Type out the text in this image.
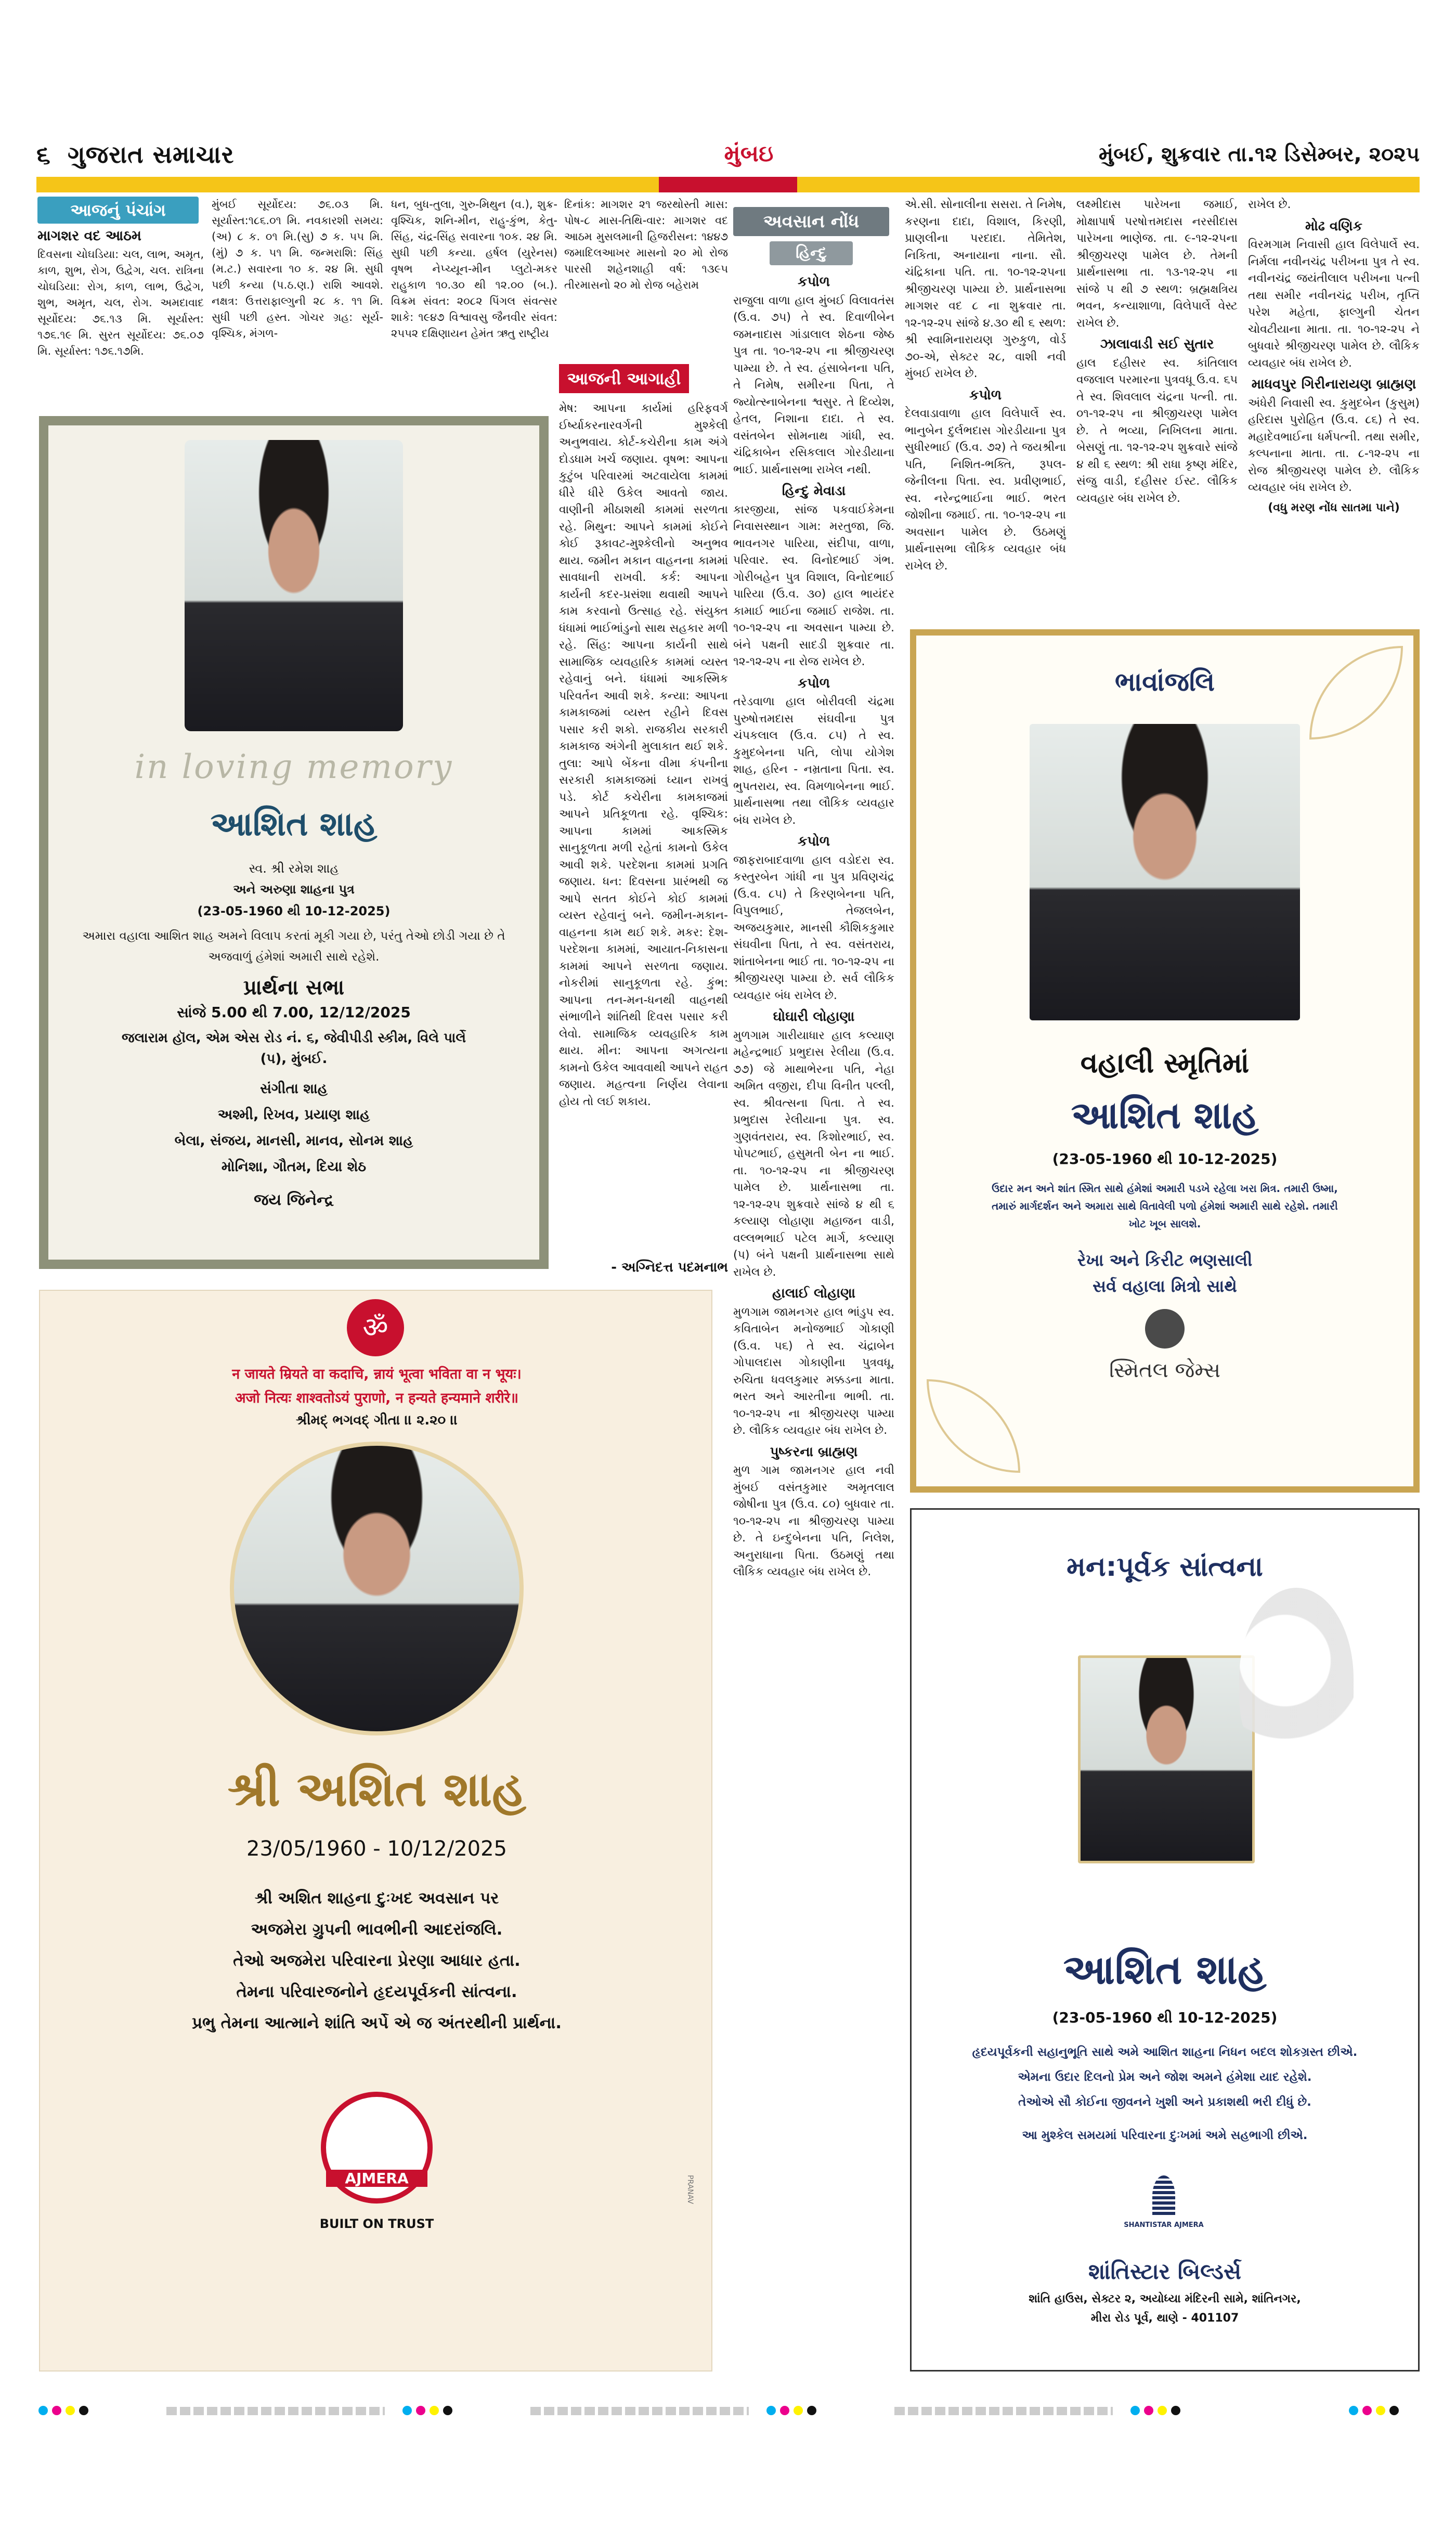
૬ ગુજરાત સમાચાર	મુંબઇ	મુંબઈ, શુક્રવાર તા.૧૨ ડિસેમ્બર, ૨૦૨૫
આજનું પંચાંગ
માગશર વદ આઠમ
દિવસના ચોઘડિયા: ચલ, લાભ, અમૃત, કાળ, શુભ, રોગ, ઉદ્વેગ, ચલ. રાત્રિના ચોઘડિયા: રોગ, કાળ, લાભ, ઉદ્વેગ, શુભ, અમૃત, ચલ, રોગ. અમદાવાદ સૂર્યોદય: ૭૬.૧૩ મિ. સૂર્યાસ્ત: ૧૭૬.૧૯ મિ. સુરત સૂર્યોદય: ૭૬.૦૭ મિ. સૂર્યાસ્ત: ૧૭૬.૧૭મિ.
મુંબઈ સૂર્યોદય: ૭૬.૦૩ મિ. સૂર્યાસ્ત:૧૮૬.૦૧ મિ. નવકારશી સમય: (અ) ૮ ક. ૦૧ મિ.(સુ) ૭ ક. ૫૫ મિ. (મું) ૭ ક. ૫૧ મિ. જન્મરાશિ: સિંહ (મ.ટ.) સવારના ૧૦ ક. ૨૪ મિ. સુધી પછી કન્યા (પ.ઠ.ણ.) રાશિ આવશે. નક્ષત્ર: ઉત્તરાફાલ્ગુની ૨૮ ક. ૧૧ મિ. સુધી પછી હસ્ત. ગોચર ગ્રહ: સૂર્ય-વૃશ્ચિક, મંગળ-
ધન, બુધ-તુલા, ગુરુ-મિથુન (વ.), શુક્ર-વૃશ્ચિક, શનિ-મીન, રાહુ-કુંભ, કેતુ-સિંહ, ચંદ્ર-સિંહ સવારના ૧૦ક. ૨૪ મિ. સુધી પછી કન્યા. હર્ષલ (યુરેનસ) વૃષભ નેપ્ચ્યૂન-મીન પ્લુટો-મકર રાહુકાળ ૧૦.૩૦ થી ૧૨.૦૦ (બ.). વિક્રમ સંવત: ૨૦૮૨ પિંગલ સંવત્સર શાકે: ૧૯૪૭ વિશ્વાવસુ જૈનવીર સંવત: ૨૫૫૨ દક્ષિણાયન હેમંત ઋતુ રાષ્ટ્રીય
દિનાંક: માગશર ૨૧ જરથોસ્તી માસ: પોષ-૮ માસ-તિથિ-વાર: માગશર વદ આઠમ મુસલમાની હિજરીસન: ૧૪૪૭ જમાદિલઆખર માસનો ૨૦ મો રોજ પારસી શહેનશાહી વર્ષ: ૧૩૯૫ તીરમાસનો ૨૦ મો રોજ બહેરામ
આજની આગાહી
મેષ: આપના કાર્યમાં હરિફવર્ગ ઈર્ષ્યાકરનારવર્ગની મુશ્કેલી અનુભવાય. કોર્ટ-કચેરીના કામ અંગે દોડધામ ખર્ચ જણાય. વૃષભ: આપના કુટુંબ પરિવારમાં અટવાયેલા કામમાં ધીરે ધીરે ઉકેલ આવતો જાય. વાણીની મીઠાશથી કામમાં સરળતા રહે. મિથુન: આપને કામમાં કોઈને કોઈ રૂકાવટ-મુશ્કેલીનો અનુભવ થાય. જમીન મકાન વાહનના કામમાં સાવધાની રાખવી. કર્ક: આપના કાર્યની કદર-પ્રસંશા થવાથી આપને કામ કરવાનો ઉત્સાહ રહે. સંયુક્ત ધંધામાં ભાઈભાંડુનો સાથ સહકાર મળી રહે. સિંહ: આપના કાર્યની સાથે સામાજિક વ્યવહારિક કામમાં વ્યસ્ત રહેવાનું બને. ધંધામાં આકસ્મિક પરિવર્તન આવી શકે. કન્યા: આપના કામકાજમાં વ્યસ્ત રહીને દિવસ પસાર કરી શકો. રાજકીય સરકારી કામકાજ અંગેની મુલાકાત થઈ શકે. તુલા: આપે બેંકના વીમા કંપનીના સરકારી કામકાજમાં ધ્યાન રાખવું પડે. કોર્ટ કચેરીના કામકાજમાં આપને પ્રતિકૂળતા રહે. વૃશ્ચિક: આપના કામમાં આકસ્મિક સાનુકૂળતા મળી રહેતાં કામનો ઉકેલ આવી શકે. પરદેશના કામમાં પ્રગતિ જણાય. ધન: દિવસના પ્રારંભથી જ આપે સતત કોઈને કોઈ કામમાં વ્યસ્ત રહેવાનું બને. જમીન-મકાન-વાહનના કામ થઈ શકે. મકર: દેશ-પરદેશના કામમાં, આયાત-નિકાસના કામમાં આપને સરળતા જણાય. નોકરીમાં સાનુકૂળતા રહે. કુંભ: આપના તન-મન-ધનથી વાહનથી સંભાળીને શાંતિથી દિવસ પસાર કરી લેવો. સામાજિક વ્યવહારિક કામ થાય. મીન: આપના અગત્યના કામનો ઉકેલ આવવાથી આપને રાહત જણાય. મહત્વના નિર્ણય લેવાના હોય તો લઈ શકાય.
- અગ્નિદત્ત પદમનાભ
અવસાન નોંધ
હિન્દુ
કપોળ

રાજુલા વાળા હાલ મુંબઈ વિલાવતંસ (ઉ.વ. ૭૫) તે સ્વ. દિવાળીબેન જમનાદાસ ગાંડાલાલ શેઠના જેષ્ઠ પુત્ર તા. ૧૦-૧૨-૨૫ ના શ્રીજીચરણ પામ્યા છે. તે સ્વ. હંસાબેનના પતિ, તે નિમેષ, સમીરના પિતા, તે જ્યોત્સ્નાબેનના શ્વસુર. તે દિવ્યેશ, હેતલ, નિશાના દાદા. તે સ્વ. વસંતબેન સોમનાથ ગાંધી, સ્વ. ચંદ્રિકાબેન રસિકલાલ ગોરડીયાના ભાઈ. પ્રાર્થનાસભા રાખેલ નથી.

હિન્દુ મેવાડા

કારજીયા, સાંજ પકવાઈકેમના નિવાસસ્થાન ગામ: મરતુજા, જિ. ભાવનગર પારિયા, સંદીપા, વાળા, પરિવાર. સ્વ. વિનોદભાઈ ગંભ. ગોરીબહેન પુત્ર વિશાલ, વિનોદભાઈ પારિયા (ઉ.વ. ૩૦) હાલ ભાયંદર કામાઈ ભાઈના જમાઈ રાજેશ. તા. ૧૦-૧૨-૨૫ ના અવસાન પામ્યા છે. બંને પક્ષની સાદડી શુક્રવાર તા. ૧૨-૧૨-૨૫ ના રોજ રાખેલ છે.

કપોળ

તરેડવાળા હાલ બોરીવલી ચંદ્રમા પુરુષોત્તમદાસ સંઘવીના પુત્ર ચંપકલાલ (ઉ.વ. ૮૫) તે સ્વ. કુમુદબેનના પતિ, લોપા યોગેશ શાહ, હરિન - નમ્રતાના પિતા. સ્વ. ભુપતરાય, સ્વ. વિમળાબેનના ભાઈ. પ્રાર્થનાસભા તથા લૌકિક વ્યવહાર બંધ રાખેલ છે.

કપોળ

જાફરાબાદવાળા હાલ વડોદરા સ્વ. કસ્તુરબેન ગાંધી ના પુત્ર પ્રવિણચંદ્ર (ઉ.વ. ૮૫) તે કિરણબેનના પતિ, વિપુલભાઈ, તેજલબેન, અજયકુમાર, માનસી કૌશિકકુમાર સંઘવીના પિતા, તે સ્વ. વસંતરાય, શાંતાબેનના ભાઈ તા. ૧૦-૧૨-૨૫ ના શ્રીજીચરણ પામ્યા છે. સર્વ લૌકિક વ્યવહાર બંધ રાખેલ છે.

ઘોઘારી લોહાણા

મુળગામ ગારીયાધાર હાલ કલ્યાણ મહેન્દ્રભાઈ પ્રભુદાસ રેલીયા (ઉ.વ. ૭૭) જે માથાભેરના પતિ, નેહા અમિત વજીરા, દીપા વિનીત પલ્લી, સ્વ. શ્રીવત્સના પિતા. તે સ્વ. પ્રભુદાસ રેલીયાના પુત્ર. સ્વ. ગુણવંતરાય, સ્વ. કિશોરભાઈ, સ્વ. પોપટભાઈ, હસુમતી બેન ના ભાઈ. તા. ૧૦-૧૨-૨૫ ના શ્રીજીચરણ પામેલ છે. પ્રાર્થનાસભા તા. ૧૨-૧૨-૨૫ શુક્રવારે સાંજે ૪ થી ૬ કલ્યાણ લોહાણા મહાજન વાડી, વલ્લભભાઈ પટેલ માર્ગ, કલ્યાણ (પ) બંને પક્ષની પ્રાર્થનાસભા સાથે રાખેલ છે.

હાલાઈ લોહાણા

મુળગામ જામનગર હાલ ભાંડુપ સ્વ. કવિતાબેન મનોજભાઈ ગોકાણી (ઉ.વ. ૫૬) તે સ્વ. ચંદ્રાબેન ગોપાલદાસ ગોકાણીના પુત્રવધૂ, રુચિતા ધવલકુમાર મક્કડના માતા. ભરત અને આરતીના ભાભી. તા. ૧૦-૧૨-૨૫ ના શ્રીજીચરણ પામ્યા છે. લૌકિક વ્યવહાર બંધ રાખેલ છે.

પુષ્કરના બ્રાહ્મણ

મુળ ગામ જામનગર હાલ નવી મુંબઈ વસંતકુમાર અમૃતલાલ જોષીના પુત્ર (ઉ.વ. ૮૦) બુધવાર તા. ૧૦-૧૨-૨૫ ના શ્રીજીચરણ પામ્યા છે. તે ઇન્દુબેનના પતિ, નિલેશ, અનુરાધાના પિતા. ઉઠમણું તથા લૌકિક વ્યવહાર બંધ રાખેલ છે.

એ.સી. સોનાલીના સસરા. તે નિમેષ, કરણના દાદા, વિશાલ, કિરણી, પ્રાણલીના પરદાદા. તેમિતેશ, નિકિતા, અનાયાના નાના. સૌ. ચંદ્રિકાના પતિ. તા. ૧૦-૧૨-૨૫ના શ્રીજીચરણ પામ્યા છે. પ્રાર્થનાસભા માગશર વદ ૮ ના શુક્રવાર તા. ૧૨-૧૨-૨૫ સાંજે ૪.૩૦ થી ૬ સ્થળ: શ્રી સ્વામિનારાયણ ગુરુકુળ, વોર્ડ ૭૦-એ, સેક્ટર ૨૮, વાશી નવી મુંબઈ રાખેલ છે.

કપોળ

દેલવાડાવાળા હાલ વિલેપાર્લે સ્વ. ભાનુબેન દુર્લભદાસ ગોરડીયાના પુત્ર સુધીરભાઈ (ઉ.વ. ૭૨) તે જયશ્રીના પતિ, નિશિત-ભક્તિ, રૂપલ-જેનીલના પિતા. સ્વ. પ્રવીણભાઈ, સ્વ. નરેન્દ્રભાઈના ભાઈ. ભરત જોશીના જમાઈ. તા. ૧૦-૧૨-૨૫ ના અવસાન પામેલ છે. ઉઠમણું પ્રાર્થનાસભા લૌકિક વ્યવહાર બંધ રાખેલ છે.

લક્ષ્મીદાસ પારેખના જમાઈ, મોક્ષાપાર્ષ પરષોત્તમદાસ નરસીદાસ પારેખના ભાણેજ. તા. ૯-૧૨-૨૫ના શ્રીજીચરણ પામેલ છે. તેમની પ્રાર્થનાસભા તા. ૧૩-૧૨-૨૫ ના સાંજે ૫ થી ૭ સ્થળ: બ્રહ્મક્ષત્રિય ભવન, કન્યાશાળા, વિલેપાર્લે વેસ્ટ રાખેલ છે.

ઝાલાવાડી સઈ સુતાર

હાલ દહીસર સ્વ. કાંતિલાલ વજલાલ પરમારના પુત્રવધૂ ઉ.વ. ૬૫ તે સ્વ. શિવલાલ ચંદ્રના પત્ની. તા. ૦૧-૧૨-૨૫ ના શ્રીજીચરણ પામેલ છે. તે ભવ્યા, નિખિલના માતા. બેસણું તા. ૧૨-૧૨-૨૫ શુક્રવારે સાંજે ૪ થી ૬ સ્થળ: શ્રી રાધા કૃષ્ણ મંદિર, સંજુ વાડી, દહીસર ઈસ્ટ. લૌકિક વ્યવહાર બંધ રાખેલ છે.

રાખેલ છે.

મોઢ વણિક

વિરમગામ નિવાસી હાલ વિલેપાર્લે સ્વ. નિર્મલા નવીનચંદ્ર પરીખના પુત્ર તે સ્વ. નવીનચંદ્ર જયંતીલાલ પરીખના પત્ની તથા સમીર નવીનચંદ્ર પરીખ, તૃપ્તિ પરેશ મહેતા, ફાલ્ગુની ચેતન ચોવટીયાના માતા. તા. ૧૦-૧૨-૨૫ ને બુધવારે શ્રીજીચરણ પામેલ છે. લૌકિક વ્યવહાર બંધ રાખેલ છે.

માધવપુર ગિરીનારાયણ બ્રાહ્મણ

અંધેરી નિવાસી સ્વ. કુમુદબેન (કુસુમ) હરિદાસ પુરોહિત (ઉ.વ. ૮૬) તે સ્વ. મહાદેવભાઈના ધર્મપત્ની. તથા સમીર, કલ્પનાના માતા. તા. ૮-૧૨-૨૫ ના રોજ શ્રીજીચરણ પામેલ છે. લૌકિક વ્યવહાર બંધ રાખેલ છે.

(વધુ મરણ નોંધ સાતમા પાને)

in loving memory
આશિત શાહ
સ્વ. શ્રી રમેશ શાહ
અને અરુણા શાહના પુત્ર
(23-05-1960 થી 10-12-2025)
અમારા વહાલા આશિત શાહ અમને વિલાપ કરતાં મૂકી ગયા છે, પરંતુ તેઓ છોડી ગયા છે તે અજવાળું હંમેશાં અમારી સાથે રહેશે.
પ્રાર્થના સભા
સાંજે 5.00 થી 7.00, 12/12/2025
જલારામ હૉલ, એમ એસ રોડ નં. ૬, જેવીપીડી સ્કીમ, વિલે પાર્લે (પ), મુંબઈ.
સંગીતા શાહ
અશ્મી, રિખવ, પ્રયાણ શાહ
બેલા, સંજય, માનસી, માનવ, સોનમ શાહ
મોનિશા, ગૌતમ, દિયા શેઠ
જય જિનેન્દ્ર
ॐ
न जायते म्रियते वा कदाचि, न्नायं भूत्वा भविता वा न भूयः।
अजो नित्यः शाश्वतोऽयं पुराणो, न हन्यते हन्यमाने शरीरे॥
શ્રીમદ્ ભગવદ્ ગીતા ।। ૨.૨૦ ।।
શ્રી અશિત શાહ
23/05/1960 - 10/12/2025
શ્રી અશિત શાહના દુઃખદ અવસાન પર
અજમેરા ગ્રુપની ભાવભીની આદરાંજલિ.
તેઓ અજમેરા પરિવારના પ્રેરણા આધાર હતા.
તેમના પરિવારજનોને હૃદયપૂર્વકની સાંત્વના.
પ્રભુ તેમના આત્માને શાંતિ અર્પે એ જ અંતરથીની પ્રાર્થના.
AJMERA
BUILT ON TRUST
PRANAV
ભાવાંજલિ
વહાલી સ્મૃતિમાં
આશિત શાહ
(23-05-1960 થી 10-12-2025)
ઉદાર મન અને શાંત સ્મિત સાથે હંમેશાં અમારી પડખે રહેલા ખરા મિત્ર. તમારી ઉષ્મા, તમારું માર્ગદર્શન અને અમારા સાથે વિતાવેલી પળો હંમેશાં અમારી સાથે રહેશે. તમારી ખોટ ખૂબ સાલશે.
રેખા અને કિરીટ ભણસાલી
સર્વ વહાલા મિત્રો સાથે
સ્મિતલ જેમ્સ
મન:પૂર્વક સાંત્વના
આશિત શાહ
(23-05-1960 થી 10-12-2025)
હૃદયપૂર્વકની સહાનુભૂતિ સાથે અમે આશિત શાહના નિધન બદલ શોકગ્રસ્ત છીએ.
એમના ઉદાર દિલનો પ્રેમ અને જોશ અમને હંમેશા યાદ રહેશે.
તેઓએ સૌ કોઈના જીવનને ખુશી અને પ્રકાશથી ભરી દીધું છે.
આ મુશ્કેલ સમયમાં પરિવારના દુઃખમાં અમે સહભાગી છીએ.
SHANTISTAR AJMERA
શાંતિસ્ટાર બિલ્ડર્સ
શાંતિ હાઉસ, સેક્ટર ૨, અયોધ્યા મંદિરની સામે, શાંતિનગર,
મીરા રોડ પૂર્વ, થાણે - 401107
